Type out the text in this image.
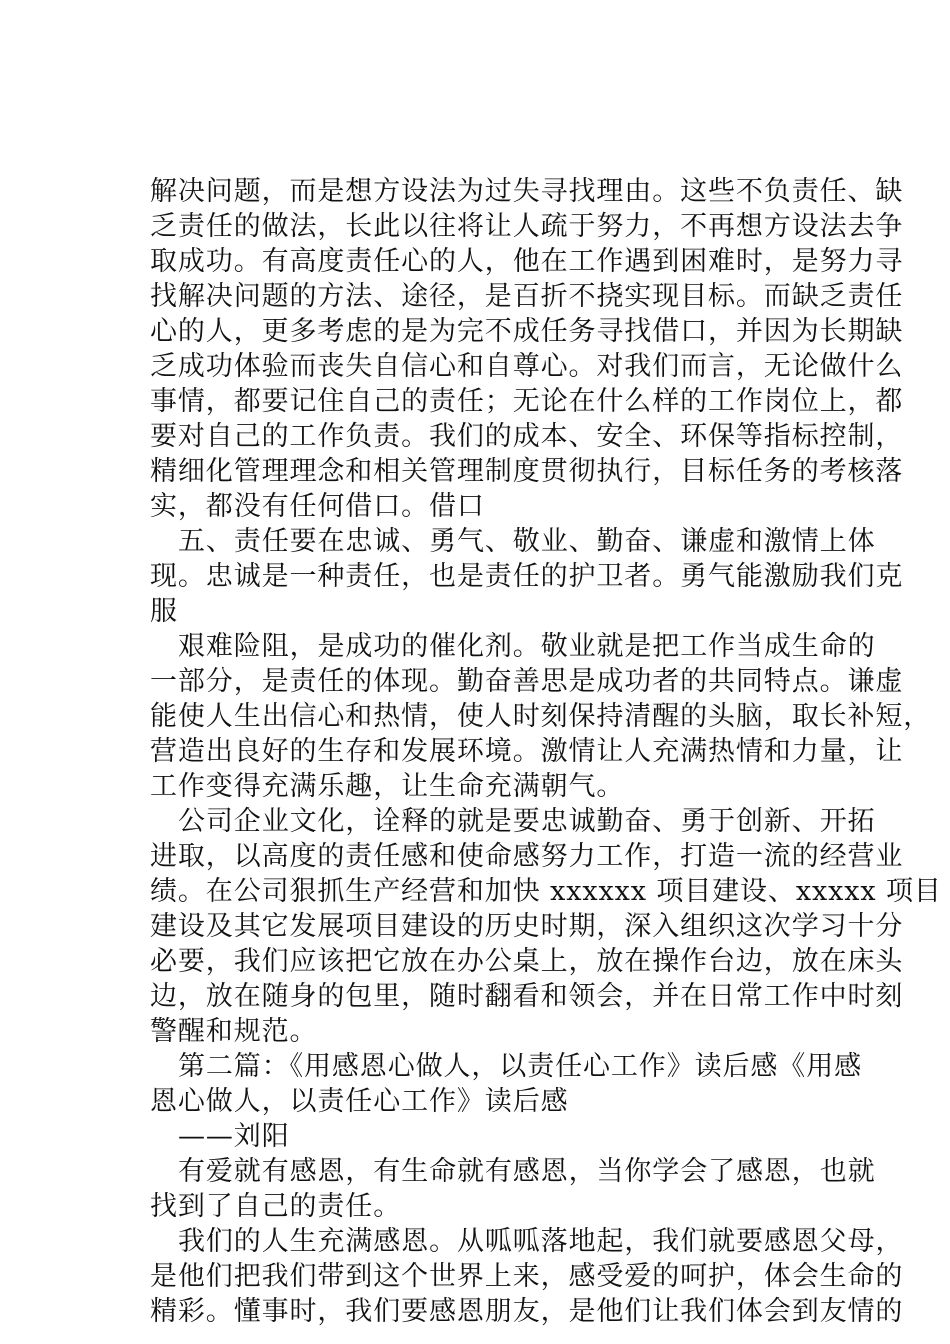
解决问题，而是想方设法为过失寻找理由。这些不负责任、缺

乏责任的做法，长此以往将让人疏于努力，不再想方设法去争

取成功。有高度责任心的人，他在工作遇到困难时，是努力寻

找解决问题的方法、途径，是百折不挠实现目标。而缺乏责任

心的人，更多考虑的是为完不成任务寻找借口，并因为长期缺

乏成功体验而丧失自信心和自尊心。对我们而言，无论做什么

事情，都要记住自己的责任；无论在什么样的工作岗位上，都

要对自己的工作负责。我们的成本、安全、环保等指标控制，

精细化管理理念和相关管理制度贯彻执行，目标任务的考核落

实，都没有任何借口。借口

五、责任要在忠诚、勇气、敬业、勤奋、谦虚和激情上体

现。忠诚是一种责任，也是责任的护卫者。勇气能激励我们克

服

艰难险阻，是成功的催化剂。敬业就是把工作当成生命的

一部分，是责任的体现。勤奋善思是成功者的共同特点。谦虚

能使人生出信心和热情，使人时刻保持清醒的头脑，取长补短，

营造出良好的生存和发展环境。激情让人充满热情和力量，让

工作变得充满乐趣，让生命充满朝气。

公司企业文化，诠释的就是要忠诚勤奋、勇于创新、开拓

进取，以高度的责任感和使命感努力工作，打造一流的经营业

绩。在公司狠抓生产经营和加快 xxxxxx 项目建设、xxxxx 项目

建设及其它发展项目建设的历史时期，深入组织这次学习十分

必要，我们应该把它放在办公桌上，放在操作台边，放在床头

边，放在随身的包里，随时翻看和领会，并在日常工作中时刻

警醒和规范。

第二篇：《用感恩心做人，以责任心工作》读后感《用感

恩心做人，以责任心工作》读后感

——刘阳

有爱就有感恩，有生命就有感恩，当你学会了感恩，也就

找到了自己的责任。

我们的人生充满感恩。从呱呱落地起，我们就要感恩父母，

是他们把我们带到这个世界上来，感受爱的呵护，体会生命的

精彩。懂事时，我们要感恩朋友，是他们让我们体会到友情的
